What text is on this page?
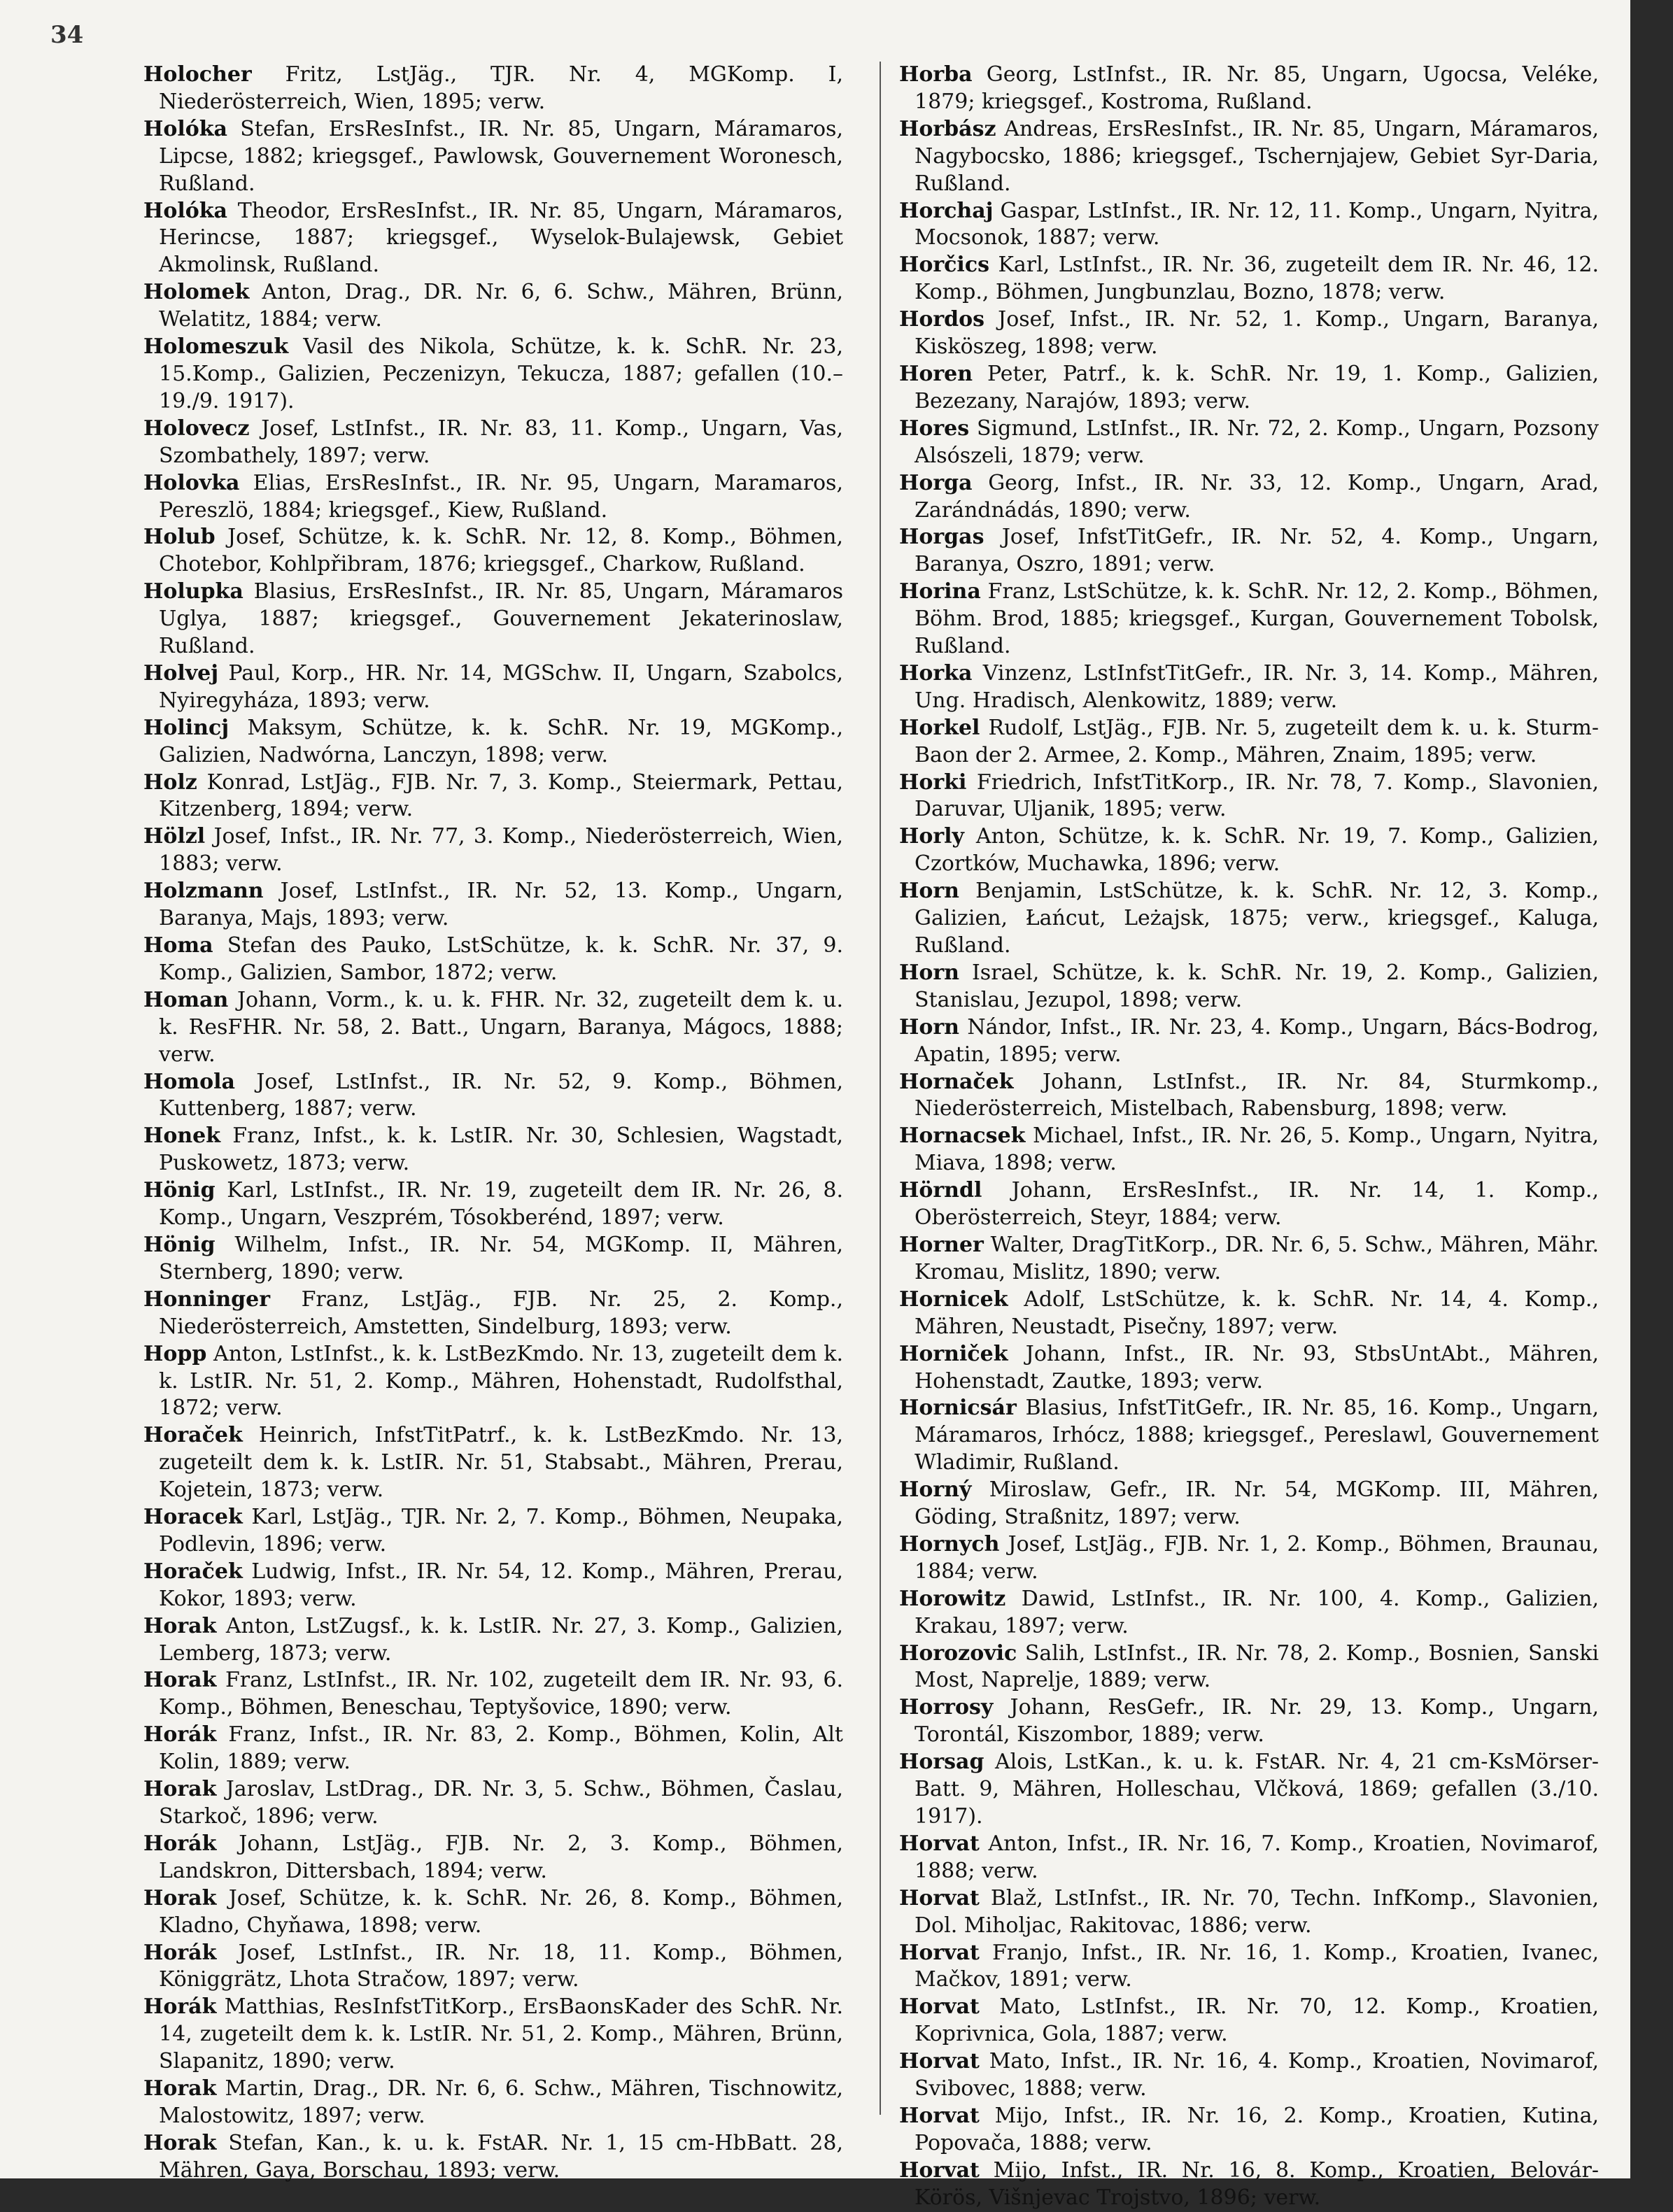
34

Holocher Fritz, LstJäg., TJR. Nr. 4, MGKomp. I, Niederösterreich, Wien, 1895; verw.

Holóka Stefan, ErsResInfst., IR. Nr. 85, Ungarn, Máramaros, Lipcse, 1882; kriegsgef., Pawlowsk, Gouvernement Woronesch, Rußland.

Holóka Theodor, ErsResInfst., IR. Nr. 85, Ungarn, Máramaros, Herincse, 1887; kriegsgef., Wyselok-Bulajewsk, Gebiet Akmolinsk, Rußland.

Holomek Anton, Drag., DR. Nr. 6, 6. Schw., Mähren, Brünn, Welatitz, 1884; verw.

Holomeszuk Vasil des Nikola, Schütze, k. k. SchR. Nr. 23, 15.Komp., Galizien, Peczenizyn, Tekucza, 1887; gefallen (10.–19./9. 1917).

Holovecz Josef, LstInfst., IR. Nr. 83, 11. Komp., Ungarn, Vas, Szombathely, 1897; verw.

Holovka Elias, ErsResInfst., IR. Nr. 95, Ungarn, Maramaros, Pereszlö, 1884; kriegsgef., Kiew, Rußland.

Holub Josef, Schütze, k. k. SchR. Nr. 12, 8. Komp., Böhmen, Chotebor, Kohlpřibram, 1876; kriegsgef., Charkow, Rußland.

Holupka Blasius, ErsResInfst., IR. Nr. 85, Ungarn, Máramaros Uglya, 1887; kriegsgef., Gouvernement Jekaterinoslaw, Rußland.

Holvej Paul, Korp., HR. Nr. 14, MGSchw. II, Ungarn, Szabolcs, Nyiregyháza, 1893; verw.

Holincj Maksym, Schütze, k. k. SchR. Nr. 19, MGKomp., Galizien, Nadwórna, Lanczyn, 1898; verw.

Holz Konrad, LstJäg., FJB. Nr. 7, 3. Komp., Steiermark, Pettau, Kitzenberg, 1894; verw.

Hölzl Josef, Infst., IR. Nr. 77, 3. Komp., Niederösterreich, Wien, 1883; verw.

Holzmann Josef, LstInfst., IR. Nr. 52, 13. Komp., Ungarn, Baranya, Majs, 1893; verw.

Homa Stefan des Pauko, LstSchütze, k. k. SchR. Nr. 37, 9. Komp., Galizien, Sambor, 1872; verw.

Homan Johann, Vorm., k. u. k. FHR. Nr. 32, zugeteilt dem k. u. k. ResFHR. Nr. 58, 2. Batt., Ungarn, Baranya, Mágocs, 1888; verw.

Homola Josef, LstInfst., IR. Nr. 52, 9. Komp., Böhmen, Kuttenberg, 1887; verw.

Honek Franz, Infst., k. k. LstIR. Nr. 30, Schlesien, Wagstadt, Puskowetz, 1873; verw.

Hönig Karl, LstInfst., IR. Nr. 19, zugeteilt dem IR. Nr. 26, 8. Komp., Ungarn, Veszprém, Tósokberénd, 1897; verw.

Hönig Wilhelm, Infst., IR. Nr. 54, MGKomp. II, Mähren, Sternberg, 1890; verw.

Honninger Franz, LstJäg., FJB. Nr. 25, 2. Komp., Niederösterreich, Amstetten, Sindelburg, 1893; verw.

Hopp Anton, LstInfst., k. k. LstBezKmdo. Nr. 13, zugeteilt dem k. k. LstIR. Nr. 51, 2. Komp., Mähren, Hohenstadt, Rudolfsthal, 1872; verw.

Horaček Heinrich, InfstTitPatrf., k. k. LstBezKmdo. Nr. 13, zugeteilt dem k. k. LstIR. Nr. 51, Stabsabt., Mähren, Prerau, Kojetein, 1873; verw.

Horacek Karl, LstJäg., TJR. Nr. 2, 7. Komp., Böhmen, Neupaka, Podlevin, 1896; verw.

Horaček Ludwig, Infst., IR. Nr. 54, 12. Komp., Mähren, Prerau, Kokor, 1893; verw.

Horak Anton, LstZugsf., k. k. LstIR. Nr. 27, 3. Komp., Galizien, Lemberg, 1873; verw.

Horak Franz, LstInfst., IR. Nr. 102, zugeteilt dem IR. Nr. 93, 6. Komp., Böhmen, Beneschau, Teptyšovice, 1890; verw.

Horák Franz, Infst., IR. Nr. 83, 2. Komp., Böhmen, Kolin, Alt Kolin, 1889; verw.

Horak Jaroslav, LstDrag., DR. Nr. 3, 5. Schw., Böhmen, Časlau, Starkoč, 1896; verw.

Horák Johann, LstJäg., FJB. Nr. 2, 3. Komp., Böhmen, Landskron, Dittersbach, 1894; verw.

Horak Josef, Schütze, k. k. SchR. Nr. 26, 8. Komp., Böhmen, Kladno, Chyňawa, 1898; verw.

Horák Josef, LstInfst., IR. Nr. 18, 11. Komp., Böhmen, Königgrätz, Lhota Stračow, 1897; verw.

Horák Matthias, ResInfstTitKorp., ErsBaonsKader des SchR. Nr. 14, zugeteilt dem k. k. LstIR. Nr. 51, 2. Komp., Mähren, Brünn, Slapanitz, 1890; verw.

Horak Martin, Drag., DR. Nr. 6, 6. Schw., Mähren, Tischnowitz, Malostowitz, 1897; verw.

Horak Stefan, Kan., k. u. k. FstAR. Nr. 1, 15 cm-HbBatt. 28, Mähren, Gaya, Borschau, 1893; verw.

Horba Georg, LstInfst., IR. Nr. 85, Ungarn, Ugocsa, Veléke, 1879; kriegsgef., Kostroma, Rußland.

Horbász Andreas, ErsResInfst., IR. Nr. 85, Ungarn, Máramaros, Nagybocsko, 1886; kriegsgef., Tschernjajew, Gebiet Syr-Daria, Rußland.

Horchaj Gaspar, LstInfst., IR. Nr. 12, 11. Komp., Ungarn, Nyitra, Mocsonok, 1887; verw.

Horčics Karl, LstInfst., IR. Nr. 36, zugeteilt dem IR. Nr. 46, 12. Komp., Böhmen, Jungbunzlau, Bozno, 1878; verw.

Hordos Josef, Infst., IR. Nr. 52, 1. Komp., Ungarn, Baranya, Kisköszeg, 1898; verw.

Horen Peter, Patrf., k. k. SchR. Nr. 19, 1. Komp., Galizien, Bezezany, Narajów, 1893; verw.

Hores Sigmund, LstInfst., IR. Nr. 72, 2. Komp., Ungarn, Pozsony Alsószeli, 1879; verw.

Horga Georg, Infst., IR. Nr. 33, 12. Komp., Ungarn, Arad, Zarándnádás, 1890; verw.

Horgas Josef, InfstTitGefr., IR. Nr. 52, 4. Komp., Ungarn, Baranya, Oszro, 1891; verw.

Horina Franz, LstSchütze, k. k. SchR. Nr. 12, 2. Komp., Böhmen, Böhm. Brod, 1885; kriegsgef., Kurgan, Gouvernement Tobolsk, Rußland.

Horka Vinzenz, LstInfstTitGefr., IR. Nr. 3, 14. Komp., Mähren, Ung. Hradisch, Alenkowitz, 1889; verw.

Horkel Rudolf, LstJäg., FJB. Nr. 5, zugeteilt dem k. u. k. Sturm-Baon der 2. Armee, 2. Komp., Mähren, Znaim, 1895; verw.

Horki Friedrich, InfstTitKorp., IR. Nr. 78, 7. Komp., Slavonien, Daruvar, Uljanik, 1895; verw.

Horly Anton, Schütze, k. k. SchR. Nr. 19, 7. Komp., Galizien, Czortków, Muchawka, 1896; verw.

Horn Benjamin, LstSchütze, k. k. SchR. Nr. 12, 3. Komp., Galizien, Łańcut, Leżajsk, 1875; verw., kriegsgef., Kaluga, Rußland.

Horn Israel, Schütze, k. k. SchR. Nr. 19, 2. Komp., Galizien, Stanislau, Jezupol, 1898; verw.

Horn Nándor, Infst., IR. Nr. 23, 4. Komp., Ungarn, Bács-Bodrog, Apatin, 1895; verw.

Hornaček Johann, LstInfst., IR. Nr. 84, Sturmkomp., Niederösterreich, Mistelbach, Rabensburg, 1898; verw.

Hornacsek Michael, Infst., IR. Nr. 26, 5. Komp., Ungarn, Nyitra, Miava, 1898; verw.

Hörndl Johann, ErsResInfst., IR. Nr. 14, 1. Komp., Oberösterreich, Steyr, 1884; verw.

Horner Walter, DragTitKorp., DR. Nr. 6, 5. Schw., Mähren, Mähr. Kromau, Mislitz, 1890; verw.

Hornicek Adolf, LstSchütze, k. k. SchR. Nr. 14, 4. Komp., Mähren, Neustadt, Pisečny, 1897; verw.

Horniček Johann, Infst., IR. Nr. 93, StbsUntAbt., Mähren, Hohenstadt, Zautke, 1893; verw.

Hornicsár Blasius, InfstTitGefr., IR. Nr. 85, 16. Komp., Ungarn, Máramaros, Irhócz, 1888; kriegsgef., Pereslawl, Gouvernement Wladimir, Rußland.

Horný Miroslaw, Gefr., IR. Nr. 54, MGKomp. III, Mähren, Göding, Straßnitz, 1897; verw.

Hornych Josef, LstJäg., FJB. Nr. 1, 2. Komp., Böhmen, Braunau, 1884; verw.

Horowitz Dawid, LstInfst., IR. Nr. 100, 4. Komp., Galizien, Krakau, 1897; verw.

Horozovic Salih, LstInfst., IR. Nr. 78, 2. Komp., Bosnien, Sanski Most, Naprelje, 1889; verw.

Horrosy Johann, ResGefr., IR. Nr. 29, 13. Komp., Ungarn, Torontál, Kiszombor, 1889; verw.

Horsag Alois, LstKan., k. u. k. FstAR. Nr. 4, 21 cm-KsMörser-Batt. 9, Mähren, Holleschau, Vlčková, 1869; gefallen (3./10. 1917).

Horvat Anton, Infst., IR. Nr. 16, 7. Komp., Kroatien, Novimarof, 1888; verw.

Horvat Blaž, LstInfst., IR. Nr. 70, Techn. InfKomp., Slavonien, Dol. Miholjac, Rakitovac, 1886; verw.

Horvat Franjo, Infst., IR. Nr. 16, 1. Komp., Kroatien, Ivanec, Mačkov, 1891; verw.

Horvat Mato, LstInfst., IR. Nr. 70, 12. Komp., Kroatien, Koprivnica, Gola, 1887; verw.

Horvat Mato, Infst., IR. Nr. 16, 4. Komp., Kroatien, Novimarof, Svibovec, 1888; verw.

Horvat Mijo, Infst., IR. Nr. 16, 2. Komp., Kroatien, Kutina, Popovača, 1888; verw.

Horvat Mijo, Infst., IR. Nr. 16, 8. Komp., Kroatien, Belovár-Körös, Višnjevac Trojstvo, 1896; verw.
